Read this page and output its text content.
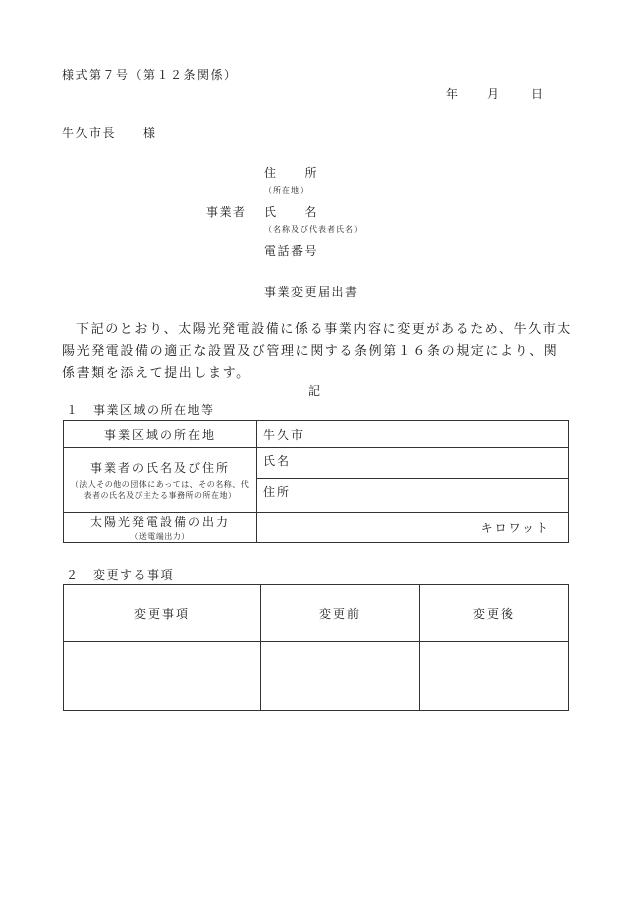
様式第７号（第１２条関係）
年 月	日
牛久市長　　様
住　　所
（所在地）
事業者 氏　　名
（名称及び代表者氏名）
電話番号
事業変更届出書
下記のとおり、太陽光発電設備に係る事業内容に変更があるため、牛久市太陽光発電設備の適正な設置及び管理に関する条例第１６条の規定により、関係書類を添えて提出します。
記
１　事業区域の所在地等
事業区域の所在地	牛久市

事業者の氏名及び住所
（法人その他の団体にあっては、その名称、代表者の氏名及び主たる事務所の所在地）	氏名
	住所

太陽光発電設備の出力
（送電端出力）	キロワット
２　変更する事項
変更事項	変更前	変更後
